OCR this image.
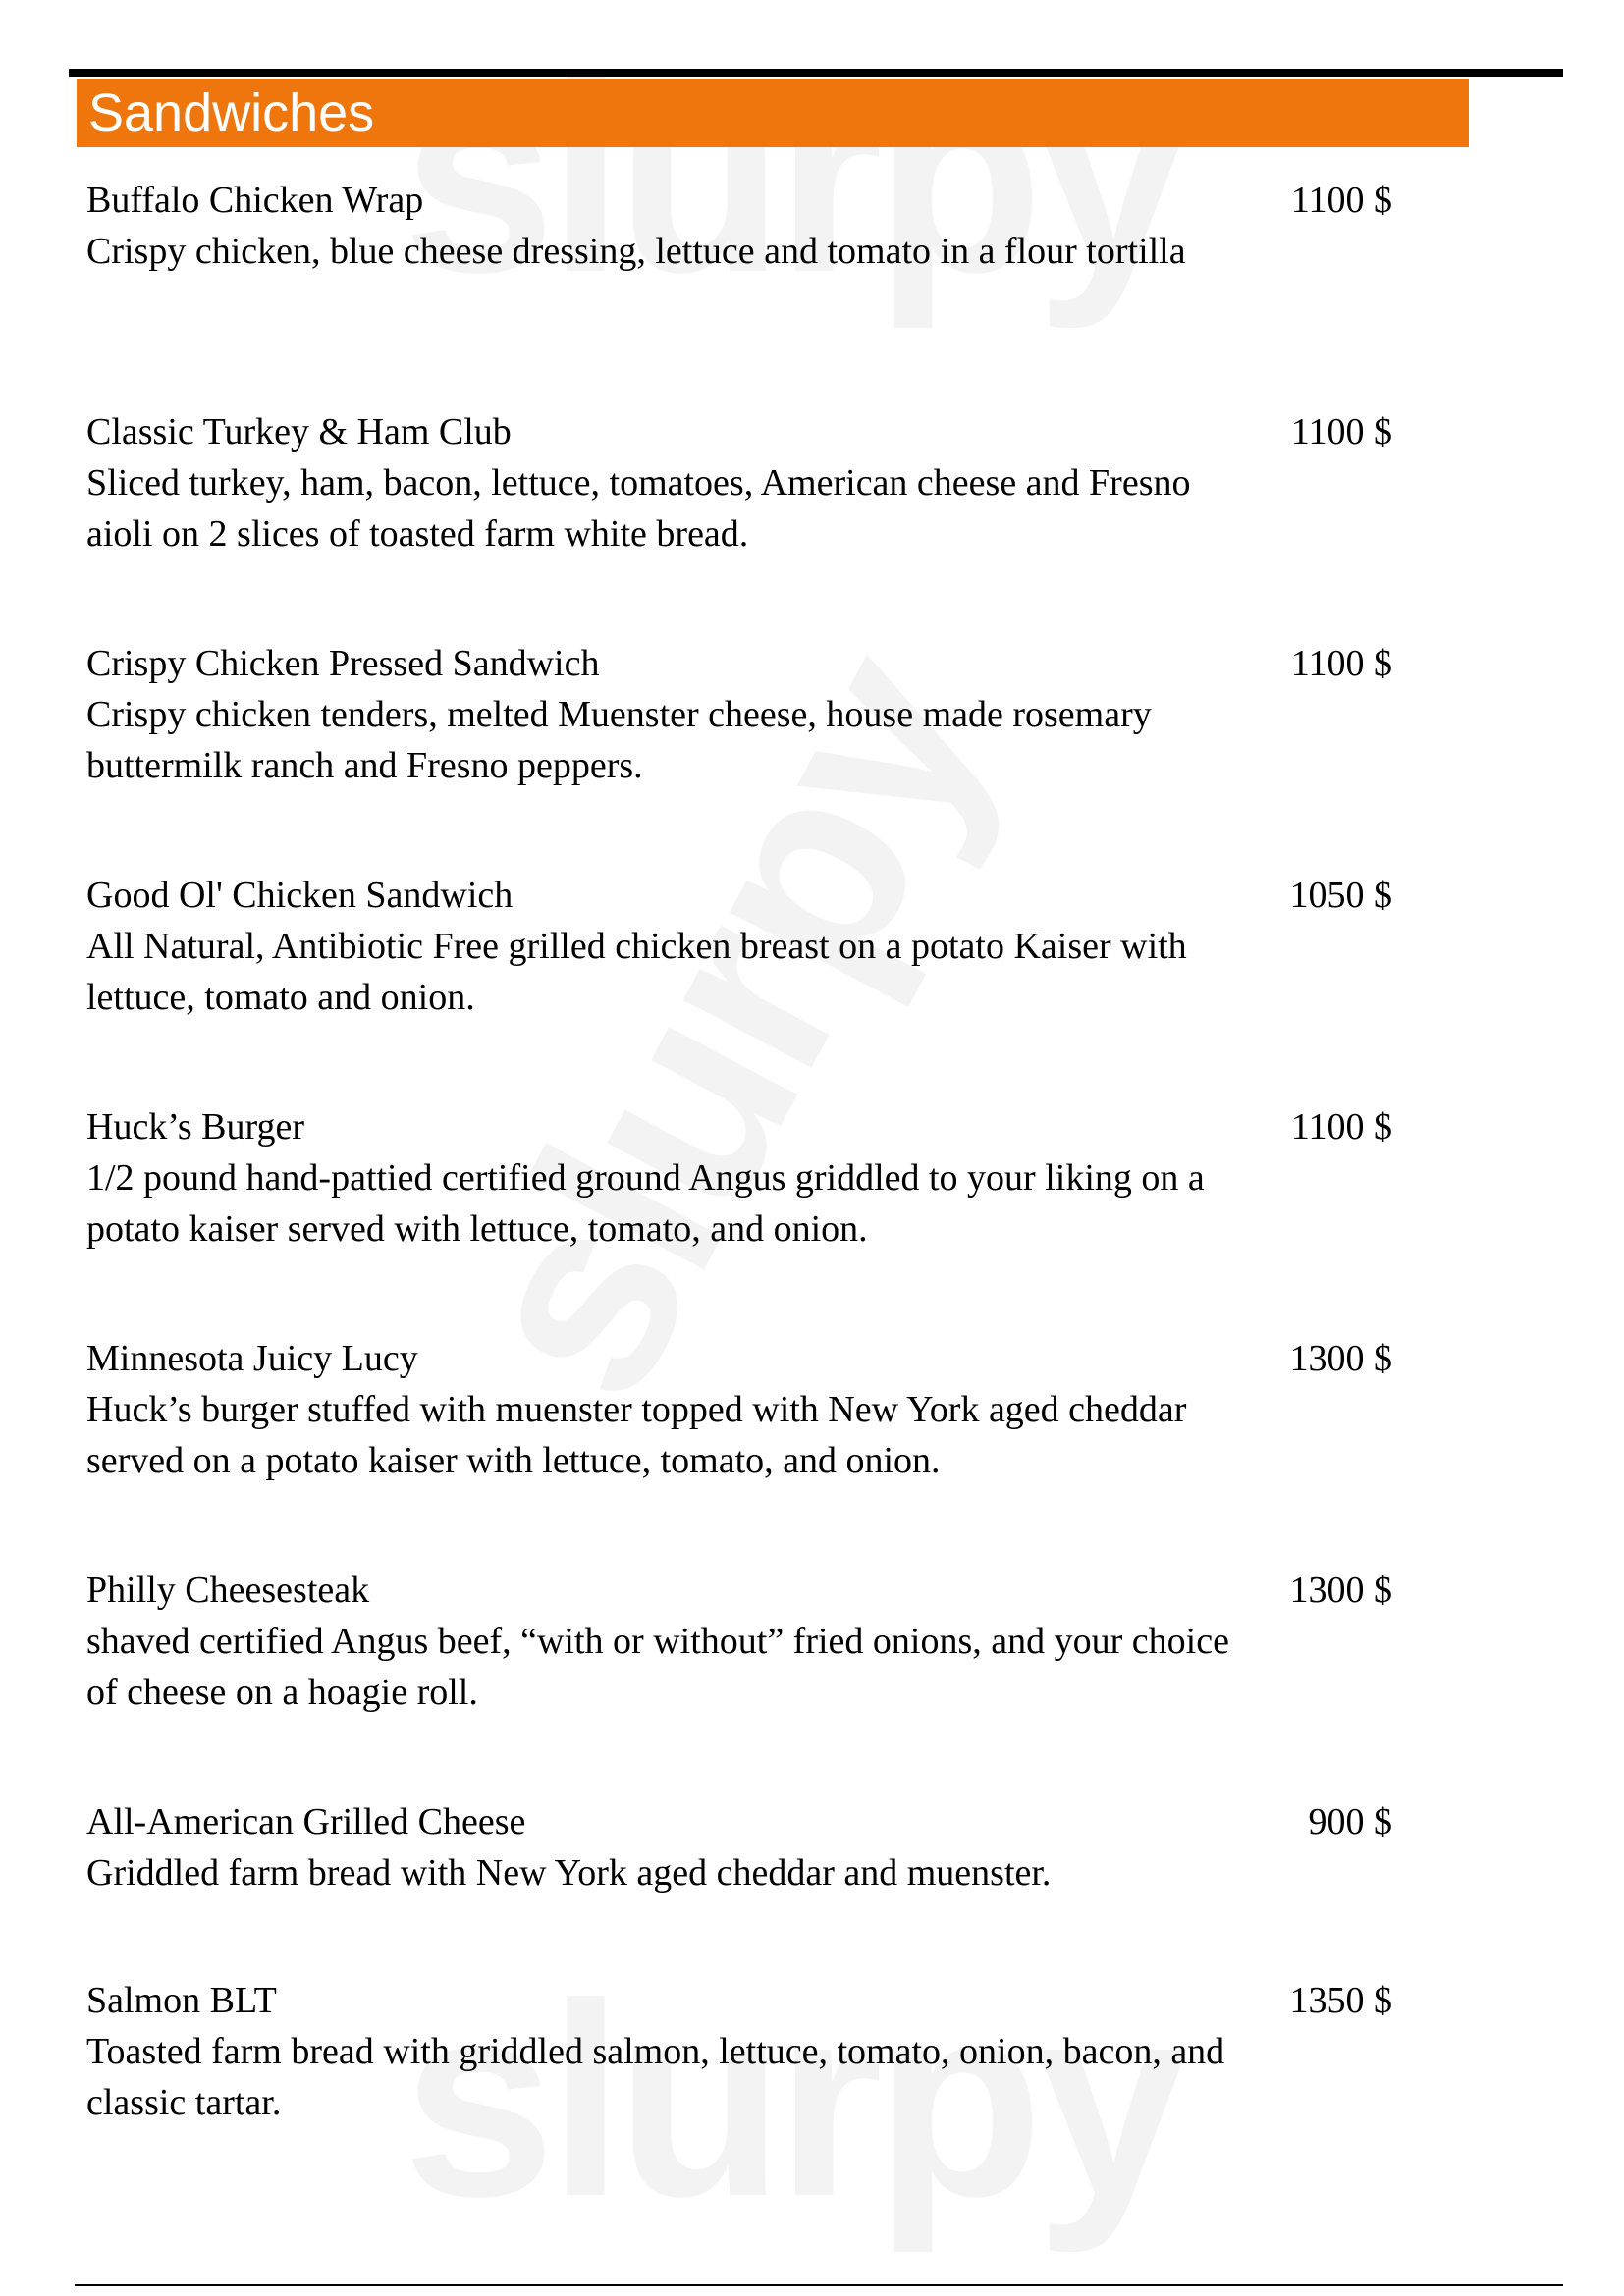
Sandwiches
Buffalo Chicken Wrap
Crispy chicken, blue cheese dressing, lettuce and tomato in a flour tortilla
1100 $
Classic Turkey & Ham Club
Sliced turkey, ham, bacon, lettuce, tomatoes, American cheese and Fresno aioli on 2 slices of toasted farm white bread.
1100 $
Crispy Chicken Pressed Sandwich
Crispy chicken tenders, melted Muenster cheese, house made rosemary buttermilk ranch and Fresno peppers.
1100 $
Good Ol' Chicken Sandwich
All Natural, Antibiotic Free grilled chicken breast on a potato Kaiser with lettuce, tomato and onion.
1050 $
Huck’s Burger
1/2 pound hand-pattied certified ground Angus griddled to your liking on a potato kaiser served with lettuce, tomato, and onion.
1100 $
Minnesota Juicy Lucy
Huck’s burger stuffed with muenster topped with New York aged cheddar served on a potato kaiser with lettuce, tomato, and onion.
1300 $
Philly Cheesesteak
shaved certified Angus beef, “with or without” fried onions, and your choice of cheese on a hoagie roll.
1300 $
All-American Grilled Cheese
Griddled farm bread with New York aged cheddar and muenster.
900 $
Salmon BLT
Toasted farm bread with griddled salmon, lettuce, tomato, onion, bacon, and classic tartar.
1350 $
